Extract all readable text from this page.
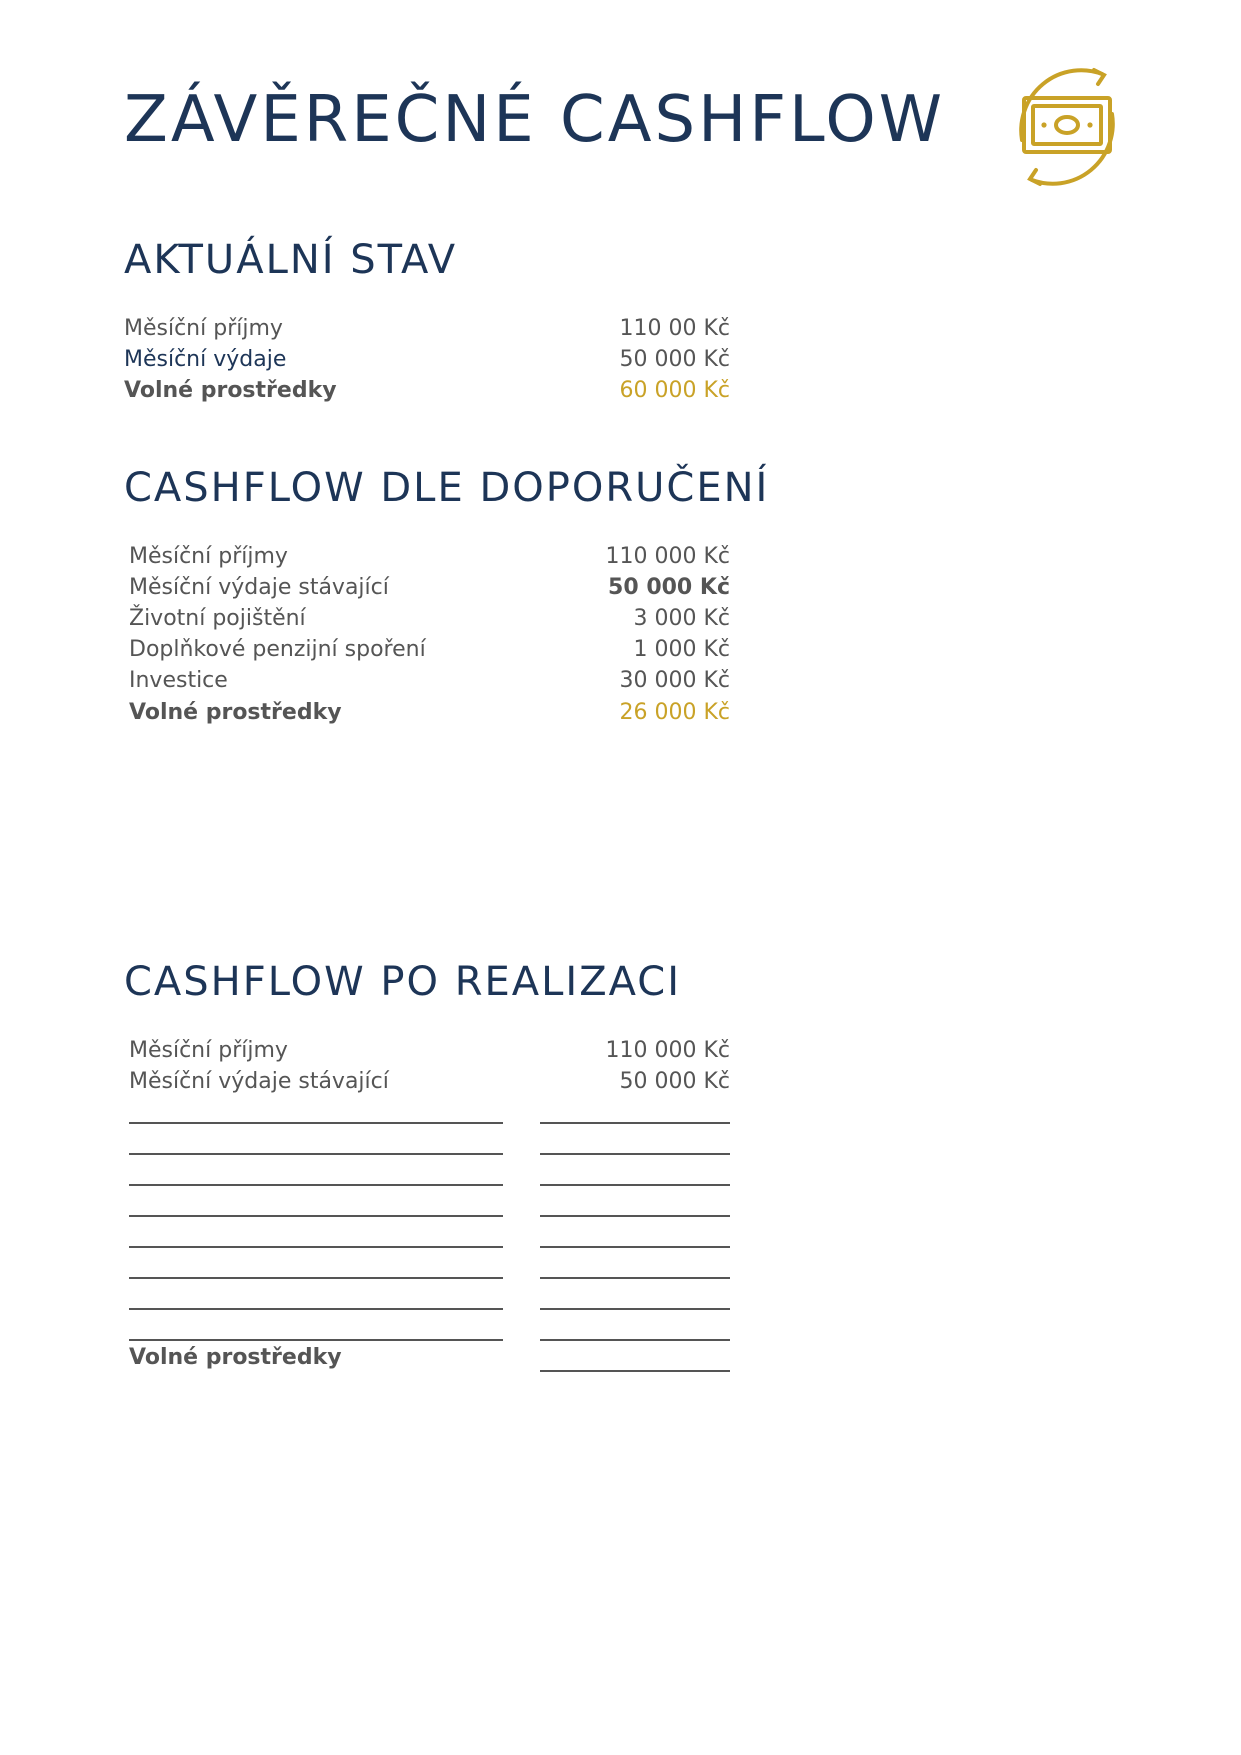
ZÁVĚREČNÉ CASHFLOW
AKTUÁLNÍ STAV
Měsíční příjmy	110 00 Kč
Měsíční výdaje	50 000 Kč
Volné prostředky	60 000 Kč
CASHFLOW DLE DOPORUČENÍ
Měsíční příjmy	110 000 Kč
Měsíční výdaje stávající	50 000 Kč
Životní pojištění	3 000 Kč
Doplňkové penzijní spoření	1 000 Kč
Investice	30 000 Kč
Volné prostředky	26 000 Kč
CASHFLOW PO REALIZACI
Měsíční příjmy	110 000 Kč
Měsíční výdaje stávající	50 000 Kč
Volné prostředky
